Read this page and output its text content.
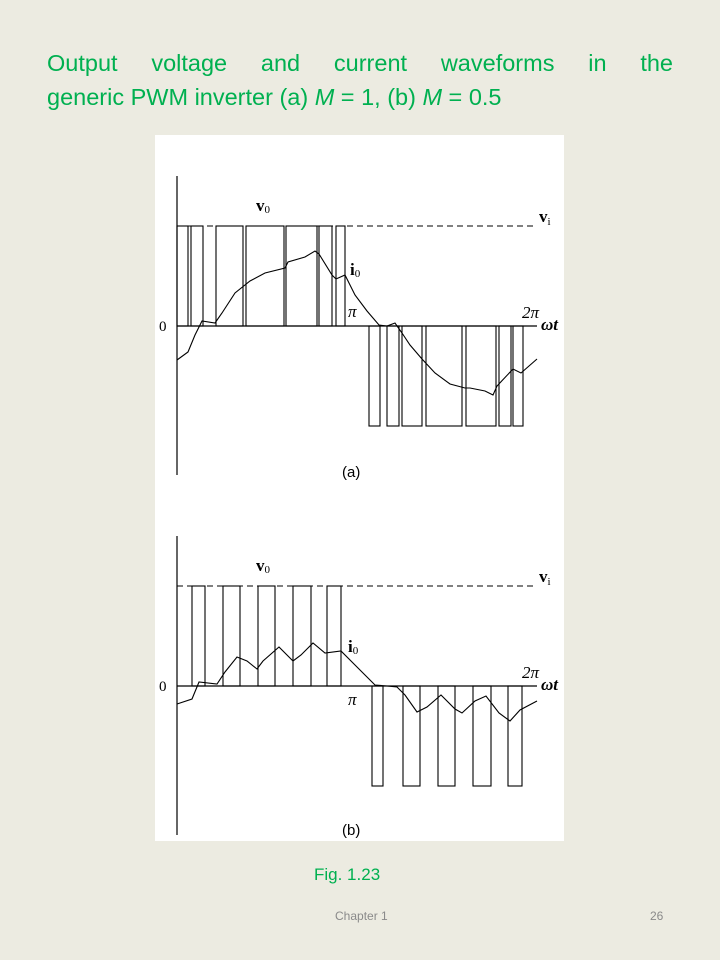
Output voltage and current waveforms in the
generic PWM inverter (a) M = 1, (b) M = 0.5
0
v0	vi
i0
π	2π
ωt
(a)
0
v0	vi
i0
π
2π
ωt
(b)
Fig. 1.23
Chapter 1	26
